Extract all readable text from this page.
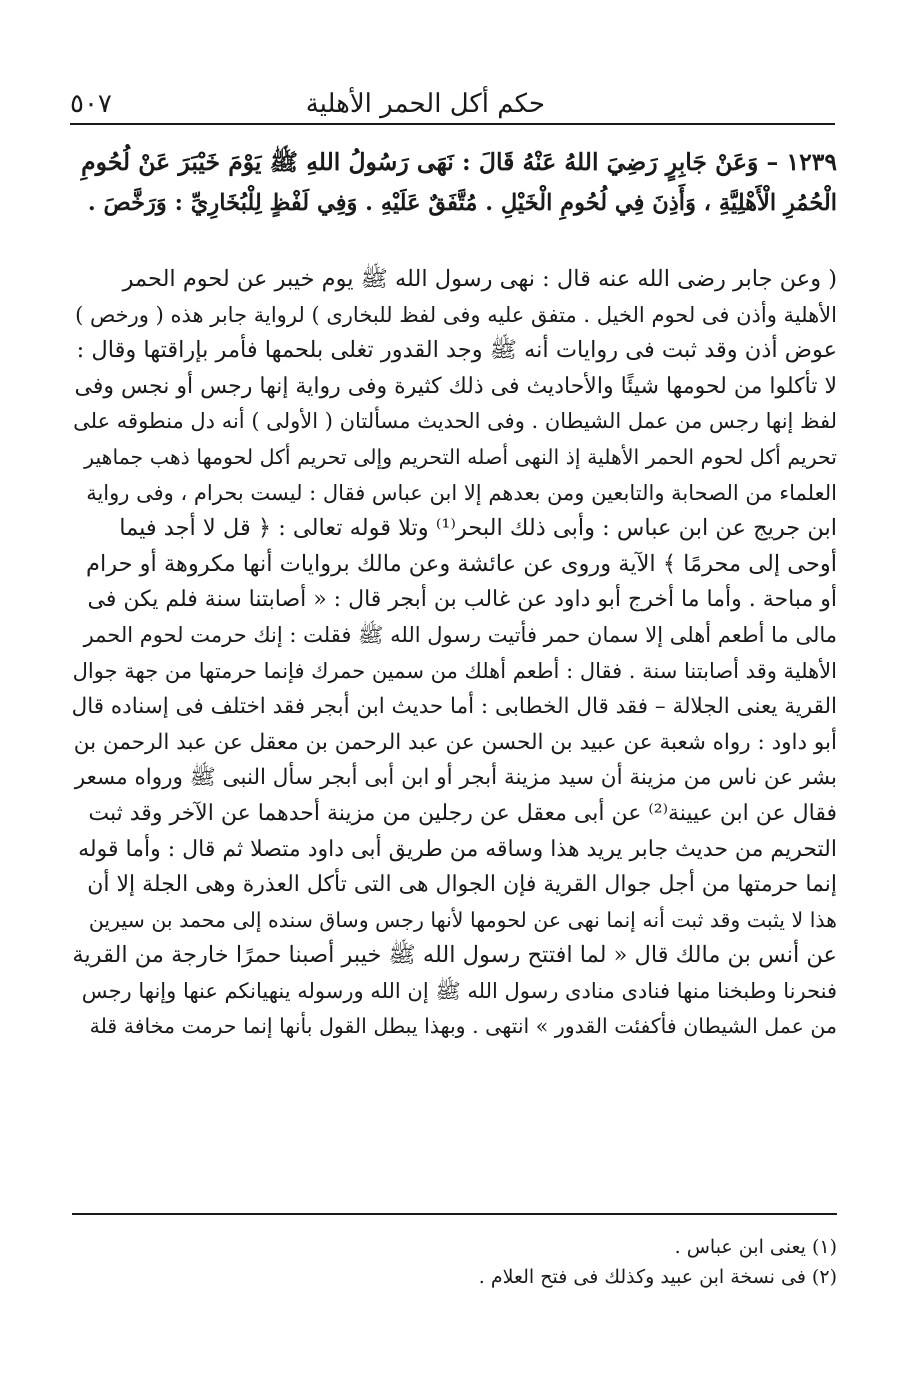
حكم أكل الحمر الأهلية
٥٠٧
١٢٣٩ – وَعَنْ جَابِرٍ رَضِيَ اللهُ عَنْهُ قَالَ : نَهَى رَسُولُ اللهِ ﷺ يَوْمَ خَيْبَرَ عَنْ لُحُومِ
الْحُمُرِ الْأَهْلِيَّةِ ، وَأَذِنَ فِي لُحُومِ الْخَيْلِ . مُتَّفَقٌ عَلَيْهِ . وَفِي لَفْظٍ لِلْبُخَارِيِّ : وَرَخَّصَ .
( وعن جابر رضى الله عنه قال : نهى رسول الله ﷺ يوم خيبر عن لحوم الحمر
الأهلية وأذن فى لحوم الخيل . متفق عليه وفى لفظ للبخارى ) لرواية جابر هذه ( ورخص )
عوض أذن وقد ثبت فى روايات أنه ﷺ وجد القدور تغلى بلحمها فأمر بإراقتها وقال :
لا تأكلوا من لحومها شيئًا والأحاديث فى ذلك كثيرة وفى رواية إنها رجس أو نجس وفى
لفظ إنها رجس من عمل الشيطان . وفى الحديث مسألتان ( الأولى ) أنه دل منطوقه على
تحريم أكل لحوم الحمر الأهلية إذ النهى أصله التحريم وإلى تحريم أكل لحومها ذهب جماهير
العلماء من الصحابة والتابعين ومن بعدهم إلا ابن عباس فقال : ليست بحرام ، وفى رواية
ابن جريج عن ابن عباس : وأبى ذلك البحر⁽¹⁾ وتلا قوله تعالى : ﴿ قل لا أجد فيما
أوحى إلى محرمًا ﴾ الآية وروى عن عائشة وعن مالك بروايات أنها مكروهة أو حرام
أو مباحة . وأما ما أخرج أبو داود عن غالب بن أبجر قال : « أصابتنا سنة فلم يكن فى
مالى ما أطعم أهلى إلا سمان حمر فأتيت رسول الله ﷺ فقلت : إنك حرمت لحوم الحمر
الأهلية وقد أصابتنا سنة . فقال : أطعم أهلك من سمين حمرك فإنما حرمتها من جهة جوال
القرية يعنى الجلالة – فقد قال الخطابى : أما حديث ابن أبجر فقد اختلف فى إسناده قال
أبو داود : رواه شعبة عن عبيد بن الحسن عن عبد الرحمن بن معقل عن عبد الرحمن بن
بشر عن ناس من مزينة أن سيد مزينة أبجر أو ابن أبى أبجر سأل النبى ﷺ ورواه مسعر
فقال عن ابن عيينة⁽²⁾ عن أبى معقل عن رجلين من مزينة أحدهما عن الآخر وقد ثبت
التحريم من حديث جابر يريد هذا وساقه من طريق أبى داود متصلا ثم قال : وأما قوله
إنما حرمتها من أجل جوال القرية فإن الجوال هى التى تأكل العذرة وهى الجلة إلا أن
هذا لا يثبت وقد ثبت أنه إنما نهى عن لحومها لأنها رجس وساق سنده إلى محمد بن سيرين
عن أنس بن مالك قال « لما افتتح رسول الله ﷺ خيبر أصبنا حمرًا خارجة من القرية
فنحرنا وطبخنا منها فنادى منادى رسول الله ﷺ إن الله ورسوله ينهيانكم عنها وإنها رجس
من عمل الشيطان فأكفئت القدور » انتهى . وبهذا يبطل القول بأنها إنما حرمت مخافة قلة
(١) يعنى ابن عباس .
(٢) فى نسخة ابن عبيد وكذلك فى فتح العلام .
